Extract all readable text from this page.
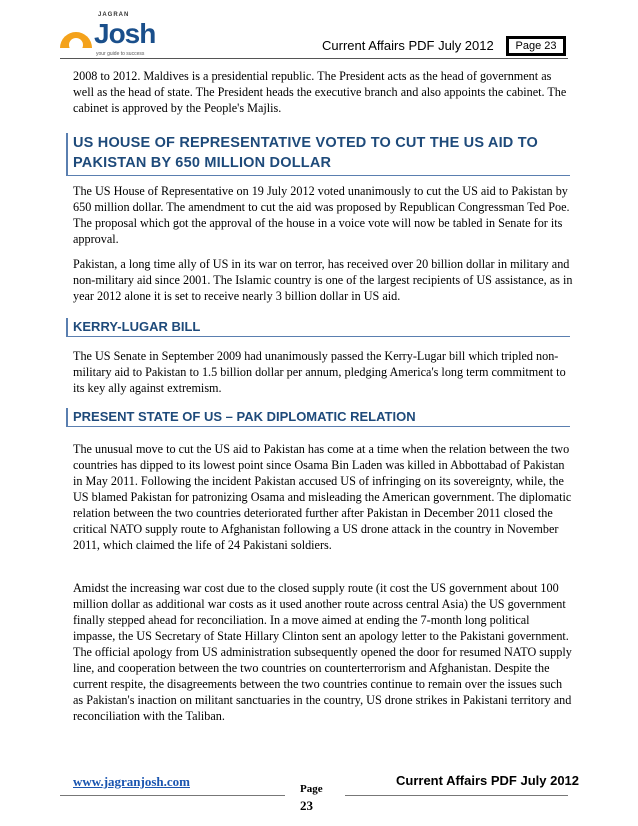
JAGRAN
Josh
your guide to success
Current Affairs PDF July 2012	Page 23

2008 to 2012. Maldives is a presidential republic. The President acts as the head of government as well as the head of state. The President heads the executive branch and also appoints the cabinet. The cabinet is approved by the People's Majlis.

US HOUSE OF REPRESENTATIVE VOTED TO CUT THE US AID TO
PAKISTAN BY 650 MILLION DOLLAR

The US House of Representative on 19 July 2012 voted unanimously to cut the US aid to Pakistan by 650 million dollar. The amendment to cut the aid was proposed by Republican Congressman Ted Poe. The proposal which got the approval of the house in a voice vote will now be tabled in Senate for its approval.

Pakistan, a long time ally of US in its war on terror, has received over 20 billion dollar in military and non-military aid since 2001. The Islamic country is one of the largest recipients of US assistance, as in year 2012 alone it is set to receive nearly 3 billion dollar in US aid.

KERRY-LUGAR BILL

The US Senate in September 2009 had unanimously passed the Kerry-Lugar bill which tripled non-military aid to Pakistan to 1.5 billion dollar per annum, pledging America's long term commitment to its key ally against extremism.

PRESENT STATE OF US – PAK DIPLOMATIC RELATION

The unusual move to cut the US aid to Pakistan has come at a time when the relation between the two countries has dipped to its lowest point since Osama Bin Laden was killed in Abbottabad of Pakistan in May 2011. Following the incident Pakistan accused US of infringing on its sovereignty, while, the US blamed Pakistan for patronizing Osama and misleading the American government. The diplomatic relation between the two countries deteriorated further after Pakistan in December 2011 closed the critical NATO supply route to Afghanistan following a US drone attack in the country in November 2011, which claimed the life of 24 Pakistani soldiers.

Amidst the increasing war cost due to the closed supply route (it cost the US government about 100 million dollar as additional war costs as it used another route across central Asia) the US government finally stepped ahead for reconciliation. In a move aimed at ending the 7-month long political impasse, the US Secretary of State Hillary Clinton sent an apology letter to the Pakistani government. The official apology from US administration subsequently opened the door for resumed NATO supply line, and cooperation between the two countries on counterterrorism and Afghanistan. Despite the current respite, the disagreements between the two countries continue to remain over the issues such as Pakistan's inaction on militant sanctuaries in the country, US drone strikes in Pakistani territory and reconciliation with the Taliban.

www.jagranjosh.com	Page
23
Current Affairs PDF July 2012
